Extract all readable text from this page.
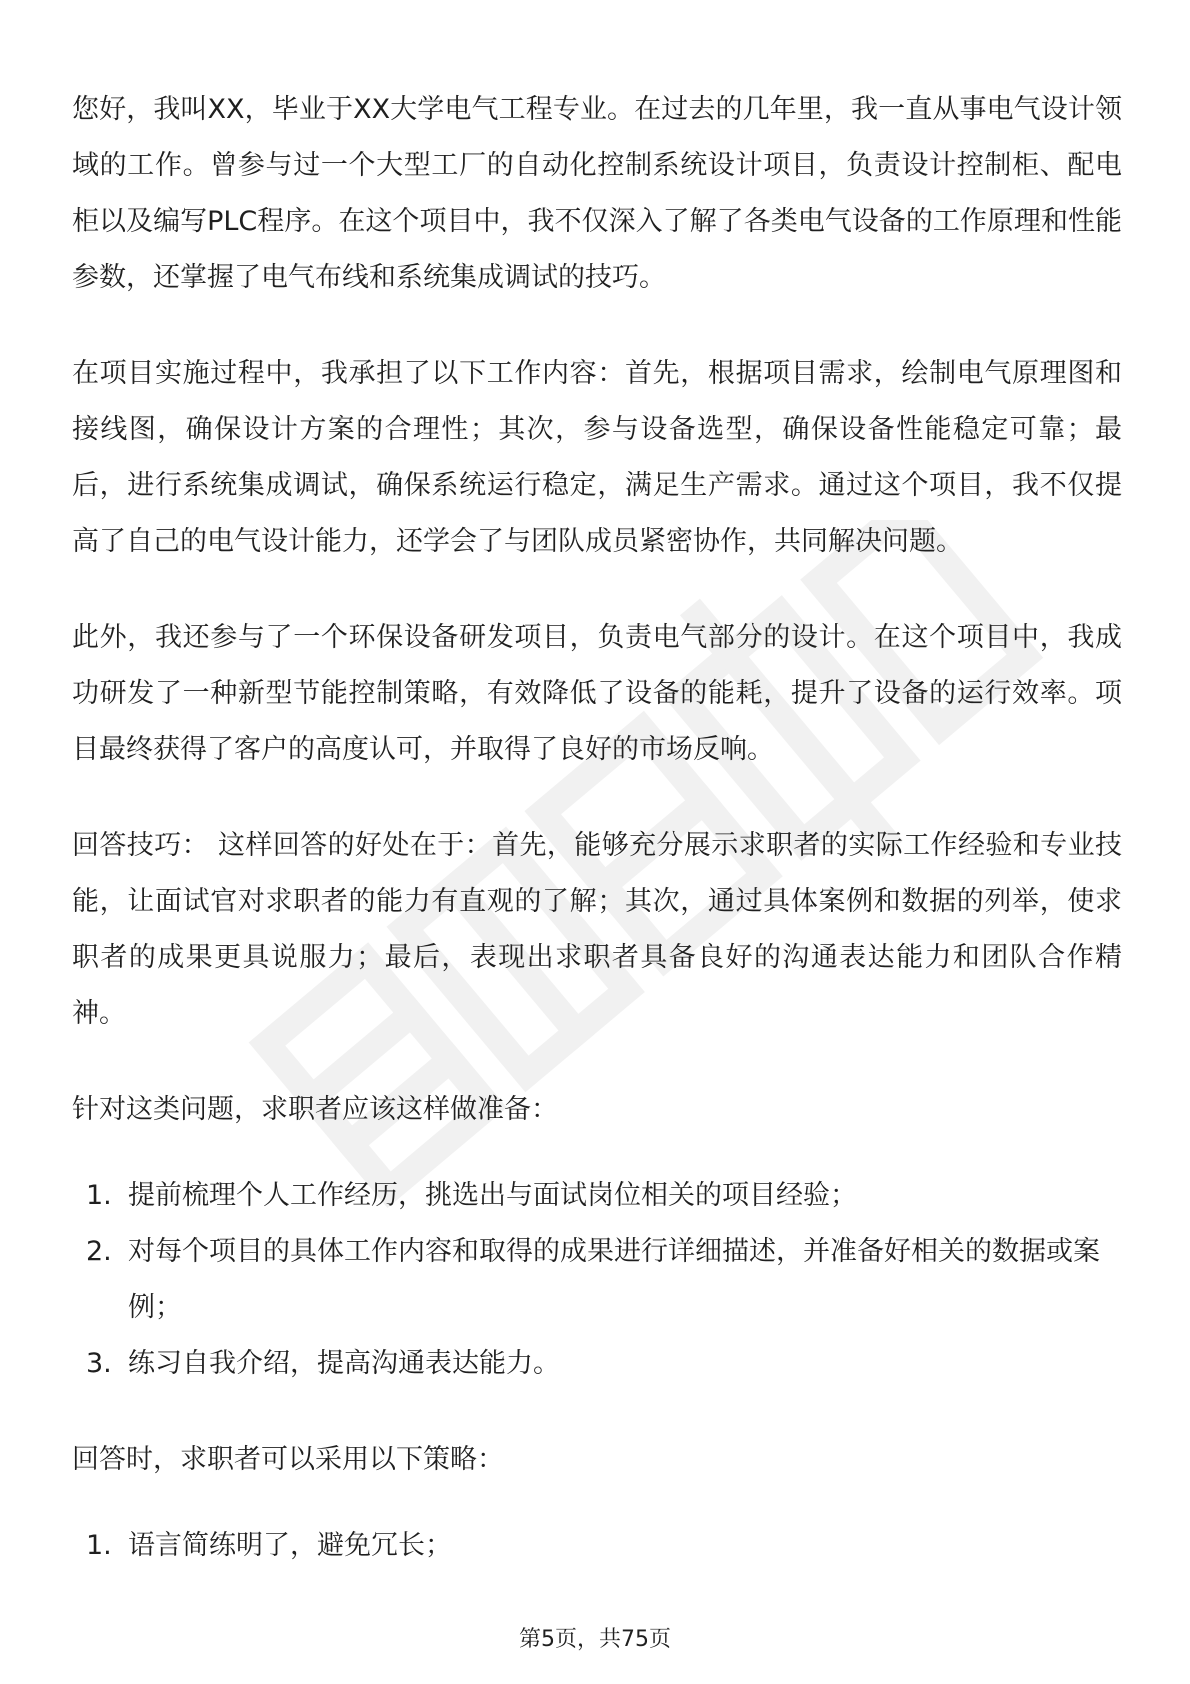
您好，我叫XX，毕业于XX大学电气工程专业。在过去的几年里，我一直从事电气设计领域的工作。曾参与过一个大型工厂的自动化控制系统设计项目，负责设计控制柜、配电柜以及编写PLC程序。在这个项目中，我不仅深入了解了各类电气设备的工作原理和性能参数，还掌握了电气布线和系统集成调试的技巧。

在项目实施过程中，我承担了以下工作内容：首先，根据项目需求，绘制电气原理图和接线图，确保设计方案的合理性；其次，参与设备选型，确保设备性能稳定可靠；最后，进行系统集成调试，确保系统运行稳定，满足生产需求。通过这个项目，我不仅提高了自己的电气设计能力，还学会了与团队成员紧密协作，共同解决问题。

此外，我还参与了一个环保设备研发项目，负责电气部分的设计。在这个项目中，我成功研发了一种新型节能控制策略，有效降低了设备的能耗，提升了设备的运行效率。项目最终获得了客户的高度认可，并取得了良好的市场反响。

回答技巧： 这样回答的好处在于：首先，能够充分展示求职者的实际工作经验和专业技能，让面试官对求职者的能力有直观的了解；其次，通过具体案例和数据的列举，使求职者的成果更具说服力；最后，表现出求职者具备良好的沟通表达能力和团队合作精神。

针对这类问题，求职者应该这样做准备：

1. 提前梳理个人工作经历，挑选出与面试岗位相关的项目经验；
2. 对每个项目的具体工作内容和取得的成果进行详细描述，并准备好相关的数据或案例；
3. 练习自我介绍，提高沟通表达能力。

回答时，求职者可以采用以下策略：

1. 语言简练明了，避免冗长；
第5页，共75页
